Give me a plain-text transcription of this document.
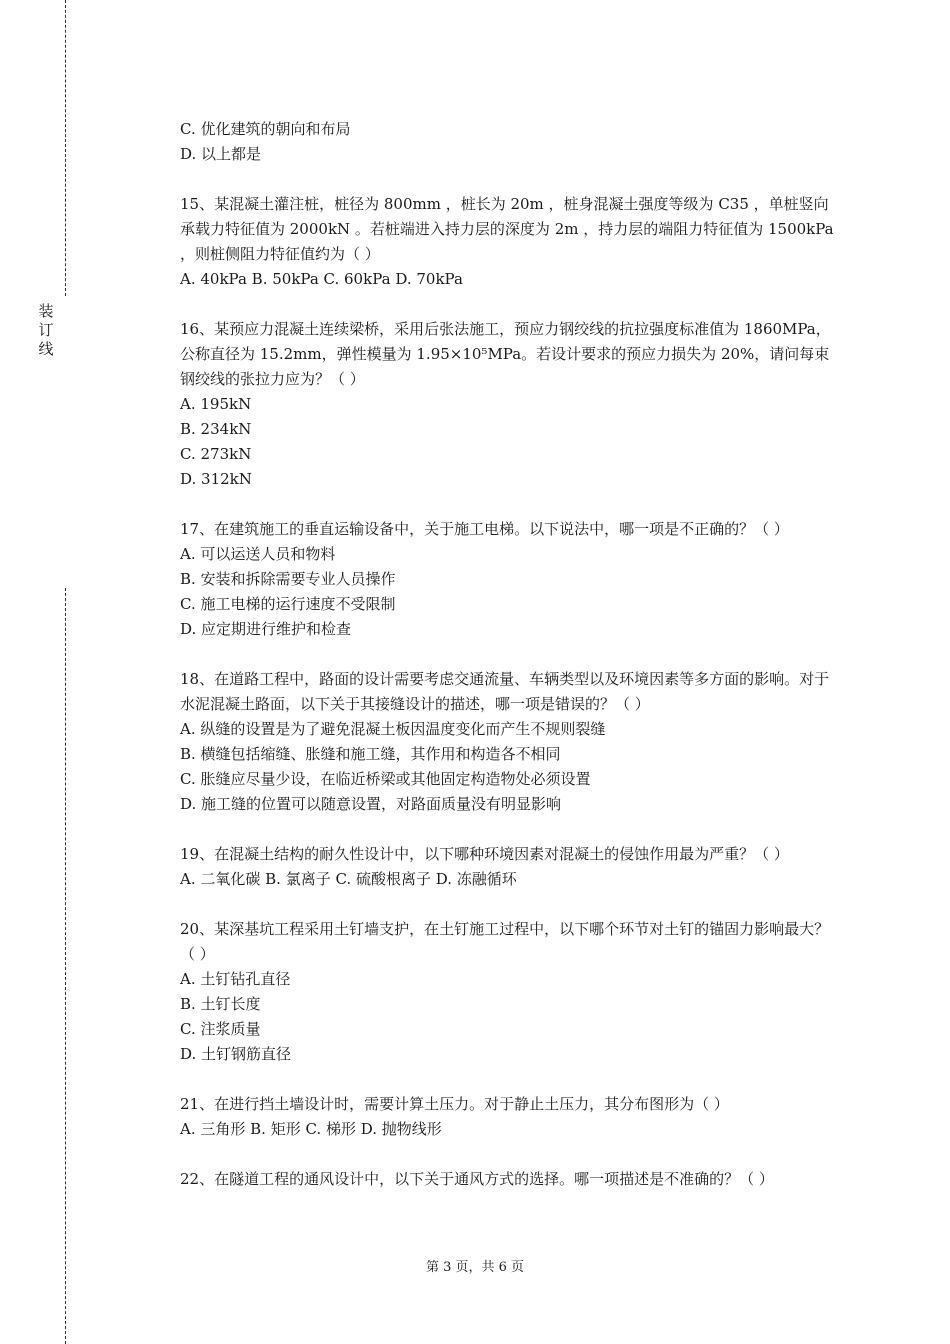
装
订
线

C. 优化建筑的朝向和布局

D. 以上都是

15、某混凝土灌注桩，桩径为 800mm ，桩长为 20m ，桩身混凝土强度等级为 C35 ，单桩竖向承载力特征值为 2000kN 。若桩端进入持力层的深度为 2m ，持力层的端阻力特征值为 1500kPa ，则桩侧阻力特征值约为（ ）

A. 40kPa B. 50kPa C. 60kPa D. 70kPa

16、某预应力混凝土连续梁桥，采用后张法施工，预应力钢绞线的抗拉强度标准值为 1860MPa，公称直径为 15.2mm，弹性模量为 1.95×10⁵MPa。若设计要求的预应力损失为 20%，请问每束钢绞线的张拉力应为？（ ）

A. 195kN

B. 234kN

C. 273kN

D. 312kN

17、在建筑施工的垂直运输设备中，关于施工电梯。以下说法中，哪一项是不正确的？（ ）

A. 可以运送人员和物料

B. 安装和拆除需要专业人员操作

C. 施工电梯的运行速度不受限制

D. 应定期进行维护和检查

18、在道路工程中，路面的设计需要考虑交通流量、车辆类型以及环境因素等多方面的影响。对于水泥混凝土路面，以下关于其接缝设计的描述，哪一项是错误的？（ ）

A. 纵缝的设置是为了避免混凝土板因温度变化而产生不规则裂缝

B. 横缝包括缩缝、胀缝和施工缝，其作用和构造各不相同

C. 胀缝应尽量少设，在临近桥梁或其他固定构造物处必须设置

D. 施工缝的位置可以随意设置，对路面质量没有明显影响

19、在混凝土结构的耐久性设计中，以下哪种环境因素对混凝土的侵蚀作用最为严重？（ ）

A. 二氧化碳 B. 氯离子 C. 硫酸根离子 D. 冻融循环

20、某深基坑工程采用土钉墙支护，在土钉施工过程中，以下哪个环节对土钉的锚固力影响最大？（ ）

A. 土钉钻孔直径

B. 土钉长度

C. 注浆质量

D. 土钉钢筋直径

21、在进行挡土墙设计时，需要计算土压力。对于静止土压力，其分布图形为（ ）

A. 三角形 B. 矩形 C. 梯形 D. 抛物线形

22、在隧道工程的通风设计中，以下关于通风方式的选择。哪一项描述是不准确的？（ ）

第 3 页，共 6 页
